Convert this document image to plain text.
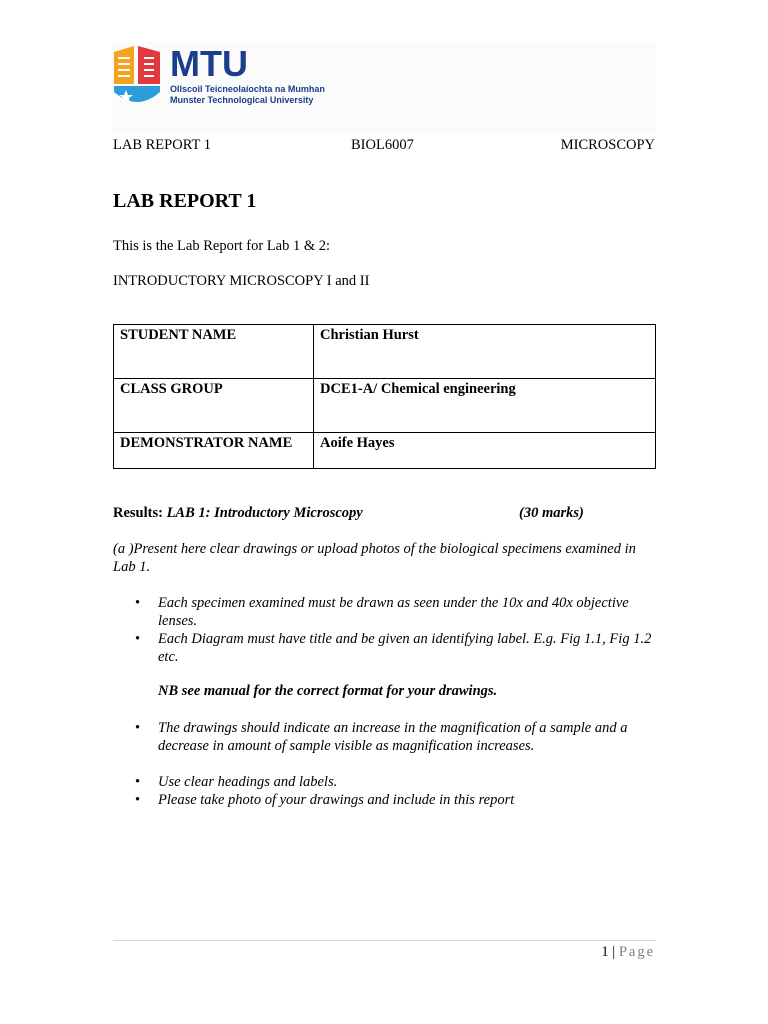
MTU
Ollscoil Teicneolaíochta na Mumhan
Munster Technological University
LAB REPORT 1	BIOL6007	MICROSCOPY
LAB REPORT 1
This is the Lab Report for Lab 1 & 2:
INTRODUCTORY MICROSCOPY I and II
STUDENT NAME	Christian Hurst
CLASS GROUP	DCE1-A/ Chemical engineering
DEMONSTRATOR NAME	Aoife Hayes
Results: LAB 1: Introductory Microscopy	(30 marks)
(a )Present here clear drawings or upload photos of the biological specimens examined in Lab 1.
• Each specimen examined must be drawn as seen under the 10x and 40x objective lenses.
• Each Diagram must have title and be given an identifying label. E.g. Fig 1.1, Fig 1.2 etc.
NB see manual for the correct format for your drawings.
• The drawings should indicate an increase in the magnification of a sample and a decrease in amount of sample visible as magnification increases.
• Use clear headings and labels.
• Please take photo of your drawings and include in this report
1 | Page
